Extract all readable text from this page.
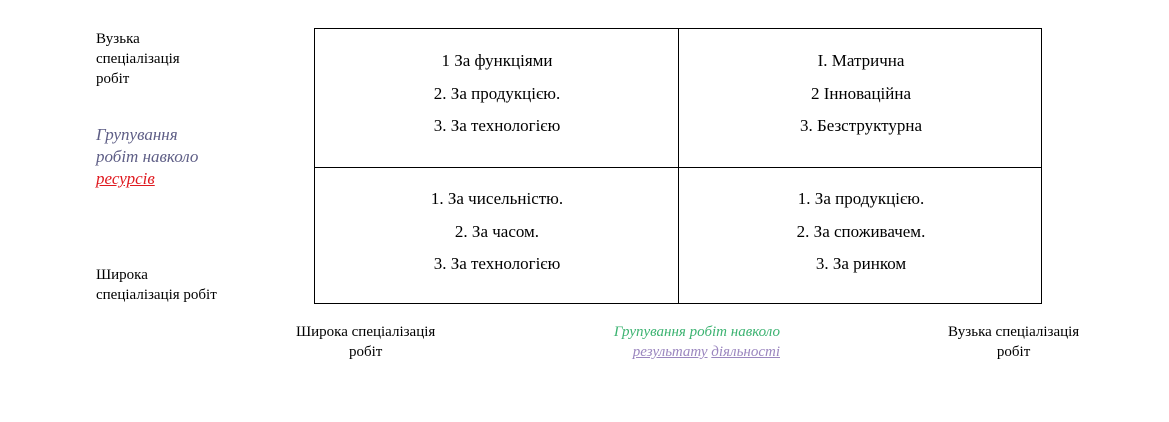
Вузька
спеціалізація
робіт
Групування
робіт навколо
ресурсів
Широка
спеціалізація робіт
1 За функціями
2. За продукцією.
3. За технологією
І. Матрична
2 Інноваційна
3. Безструктурна
1. За чисельністю.
2. За часом.
3. За технологією
1. За продукцією.
2. За споживачем.
3. За ринком
Широка спеціалізація
робіт
Групування робіт навколо
результату діяльності
Вузька спеціалізація
робіт
